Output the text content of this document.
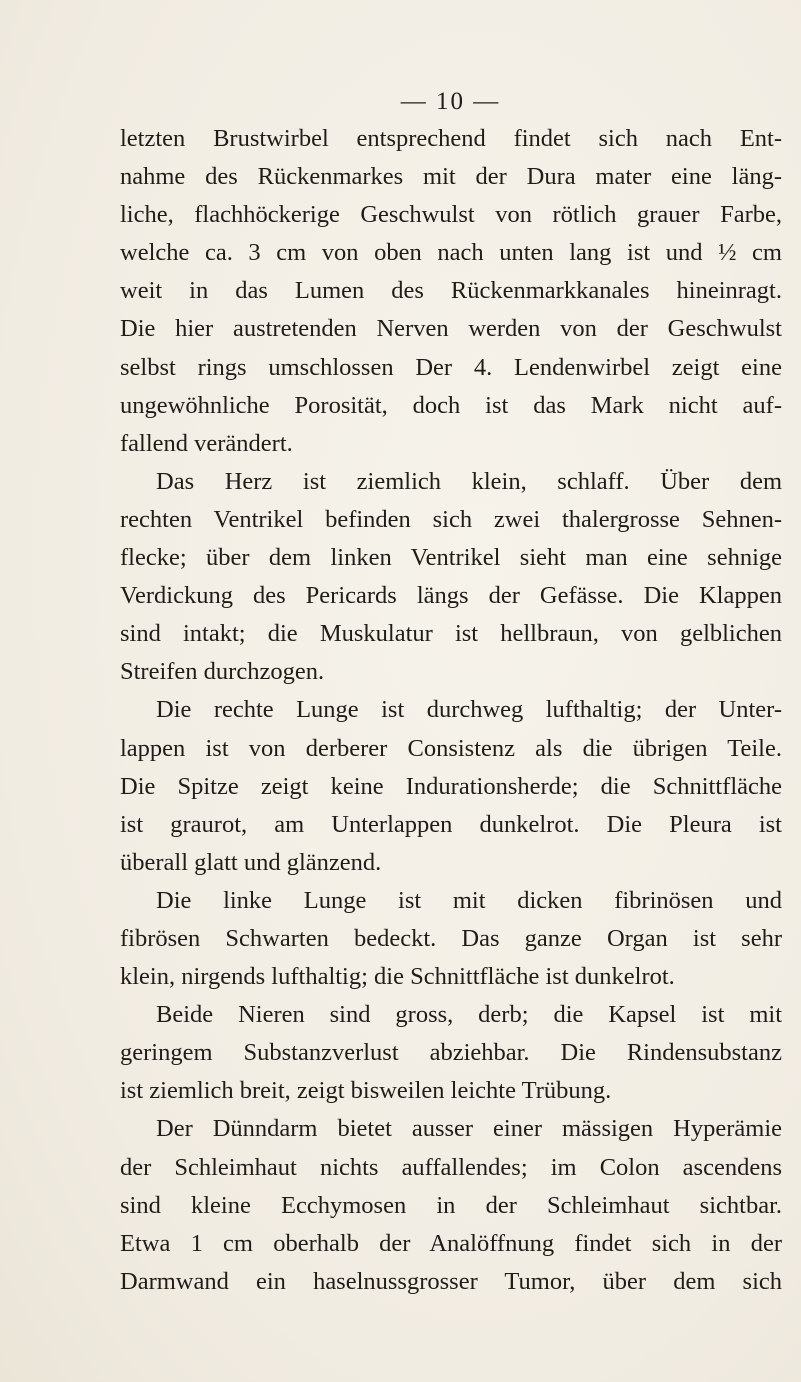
— 10 —
letzten Brustwirbel entsprechend findet sich nach Ent-
nahme des Rückenmarkes mit der Dura mater eine läng-
liche, flachhöckerige Geschwulst von rötlich grauer Farbe,
welche ca. 3 cm von oben nach unten lang ist und ½ cm
weit in das Lumen des Rückenmarkkanales hineinragt.
Die hier austretenden Nerven werden von der Geschwulst
selbst rings umschlossen Der 4. Lendenwirbel zeigt eine
ungewöhnliche Porosität, doch ist das Mark nicht auf-
fallend verändert.
Das Herz ist ziemlich klein, schlaff. Über dem
rechten Ventrikel befinden sich zwei thalergrosse Sehnen-
flecke; über dem linken Ventrikel sieht man eine sehnige
Verdickung des Pericards längs der Gefässe. Die Klappen
sind intakt; die Muskulatur ist hellbraun, von gelblichen
Streifen durchzogen.
Die rechte Lunge ist durchweg lufthaltig; der Unter-
lappen ist von derberer Consistenz als die übrigen Teile.
Die Spitze zeigt keine Indurationsherde; die Schnittfläche
ist graurot, am Unterlappen dunkelrot. Die Pleura ist
überall glatt und glänzend.
Die linke Lunge ist mit dicken fibrinösen und
fibrösen Schwarten bedeckt. Das ganze Organ ist sehr
klein, nirgends lufthaltig; die Schnittfläche ist dunkelrot.
Beide Nieren sind gross, derb; die Kapsel ist mit
geringem Substanzverlust abziehbar. Die Rindensubstanz
ist ziemlich breit, zeigt bisweilen leichte Trübung.
Der Dünndarm bietet ausser einer mässigen Hyperämie
der Schleimhaut nichts auffallendes; im Colon ascendens
sind kleine Ecchymosen in der Schleimhaut sichtbar.
Etwa 1 cm oberhalb der Analöffnung findet sich in der
Darmwand ein haselnussgrosser Tumor, über dem sich
